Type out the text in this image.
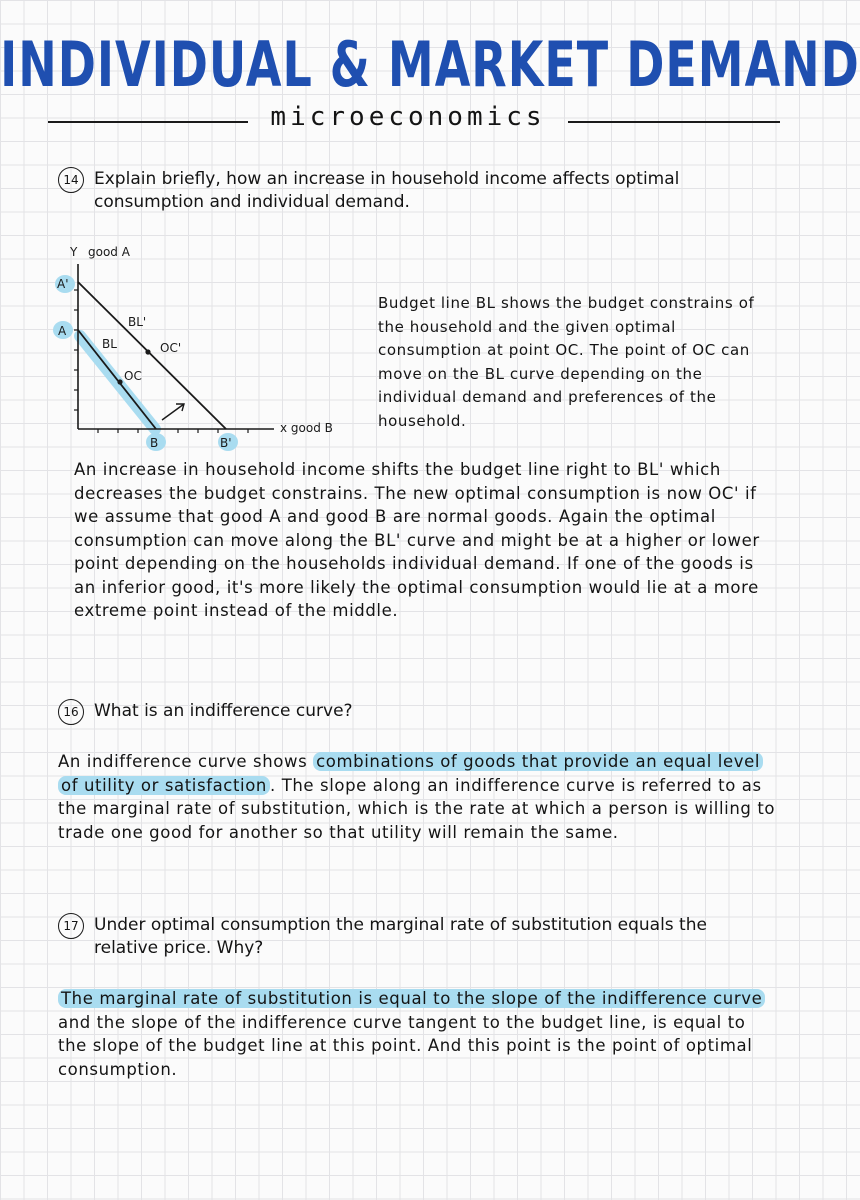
INDIVIDUAL & MARKET DEMAND
microeconomics
14 Explain briefly, how an increase in household income affects optimal consumption and individual demand.
Y good A
A'
A
B	B'
BL
BL'
OC
OC'
x good B
Budget line BL shows the budget constrains of the household and the given optimal consumption at point OC. The point of OC can move on the BL curve depending on the individual demand and preferences of the household.
An increase in household income shifts the budget line right to BL' which decreases the budget constrains. The new optimal consumption is now OC' if we assume that good A and good B are normal goods. Again the optimal consumption can move along the BL' curve and might be at a higher or lower point depending on the households individual demand. If one of the goods is an inferior good, it's more likely the optimal consumption would lie at a more extreme point instead of the middle.
16 What is an indifference curve?
An indifference curve shows combinations of goods that provide an equal level of utility or satisfaction . The slope along an indifference curve is referred to as the marginal rate of substitution, which is the rate at which a person is willing to trade one good for another so that utility will remain the same.
17 Under optimal consumption the marginal rate of substitution equals the relative price. Why?
The marginal rate of substitution is equal to the slope of the indifference curve and the slope of the indifference curve tangent to the budget line, is equal to the slope of the budget line at this point. And this point is the point of optimal consumption.
